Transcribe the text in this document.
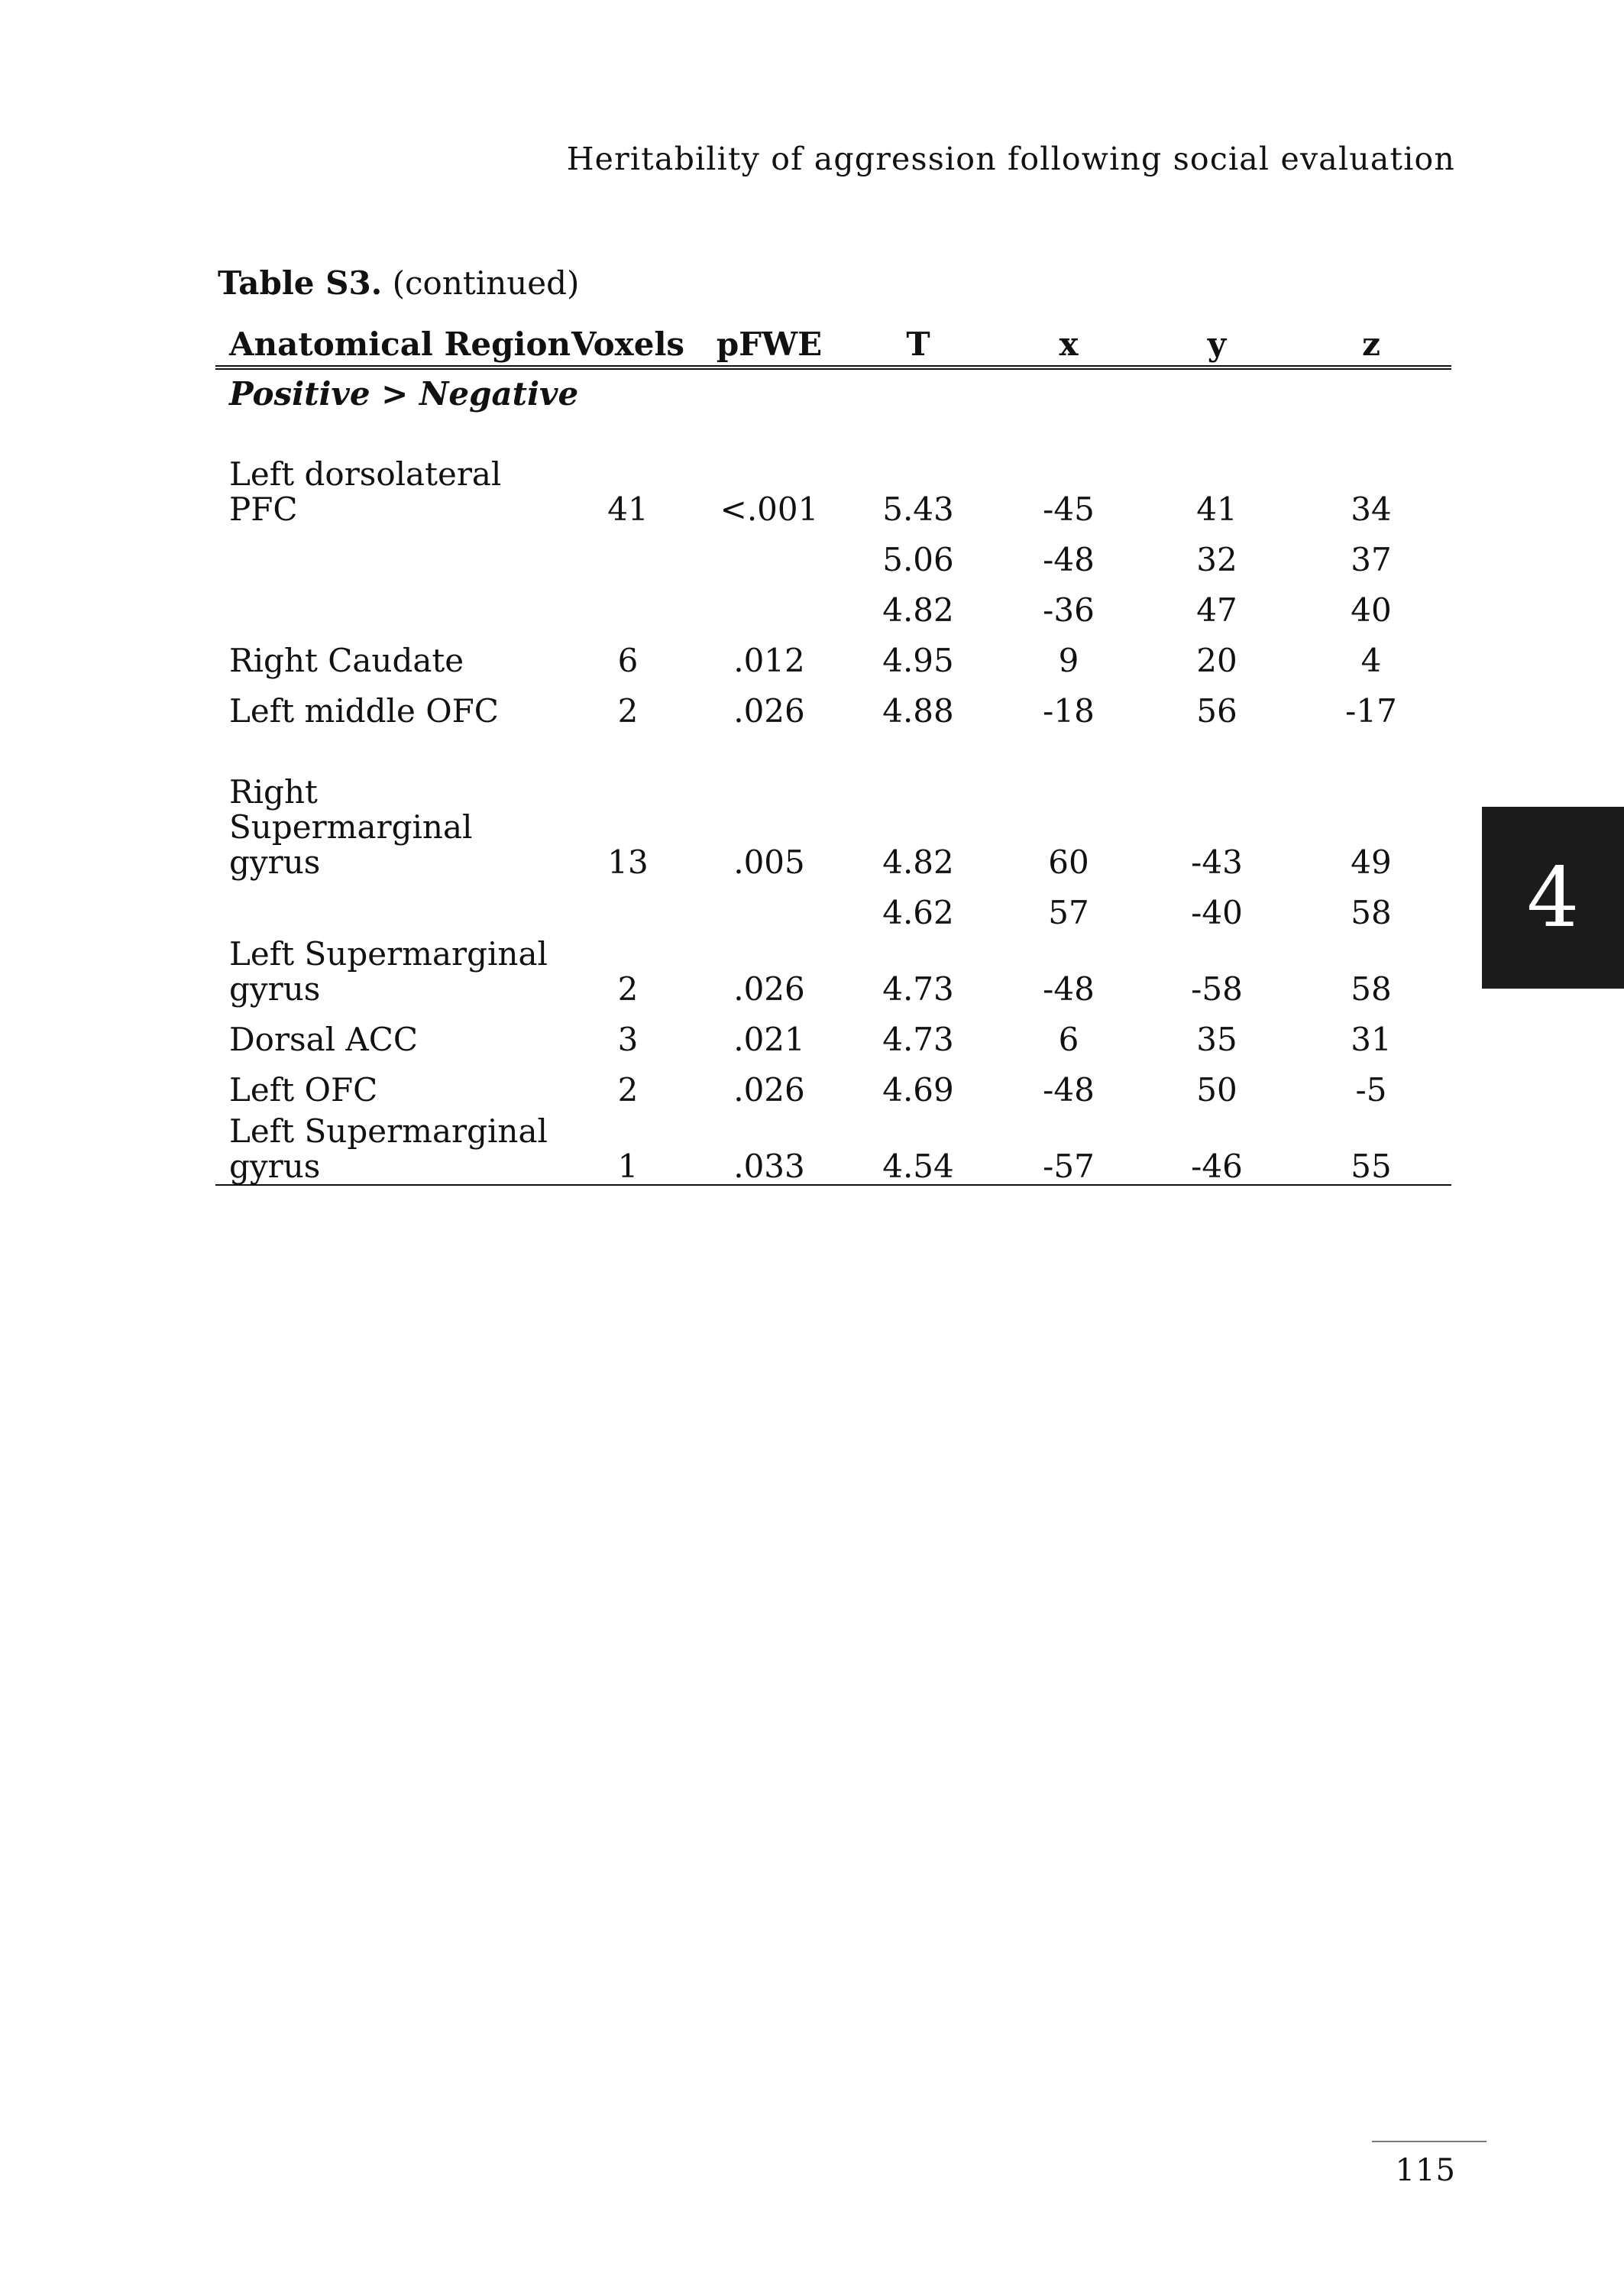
Heritability of aggression following social evaluation
Table S3. (continued)
Anatomical Region	Voxels	pFWE	T	x	y	z
Positive > Negative						

Left dorsolateral PFC	41	<.001	5.43	-45	41	34
			5.06	-48	32	37
			4.82	-36	47	40
Right Caudate	6	.012	4.95	9	20	4
Left middle OFC	2	.026	4.88	-18	56	-17
Right Supermarginal gyrus	13	.005	4.82	60	-43	49
			4.62	57	-40	58
Left Supermarginal gyrus	2	.026	4.73	-48	-58	58
Dorsal ACC	3	.021	4.73	6	35	31
Left OFC	2	.026	4.69	-48	50	-5
Left Supermarginal gyrus	1	.033	4.54	-57	-46	55
4
115
